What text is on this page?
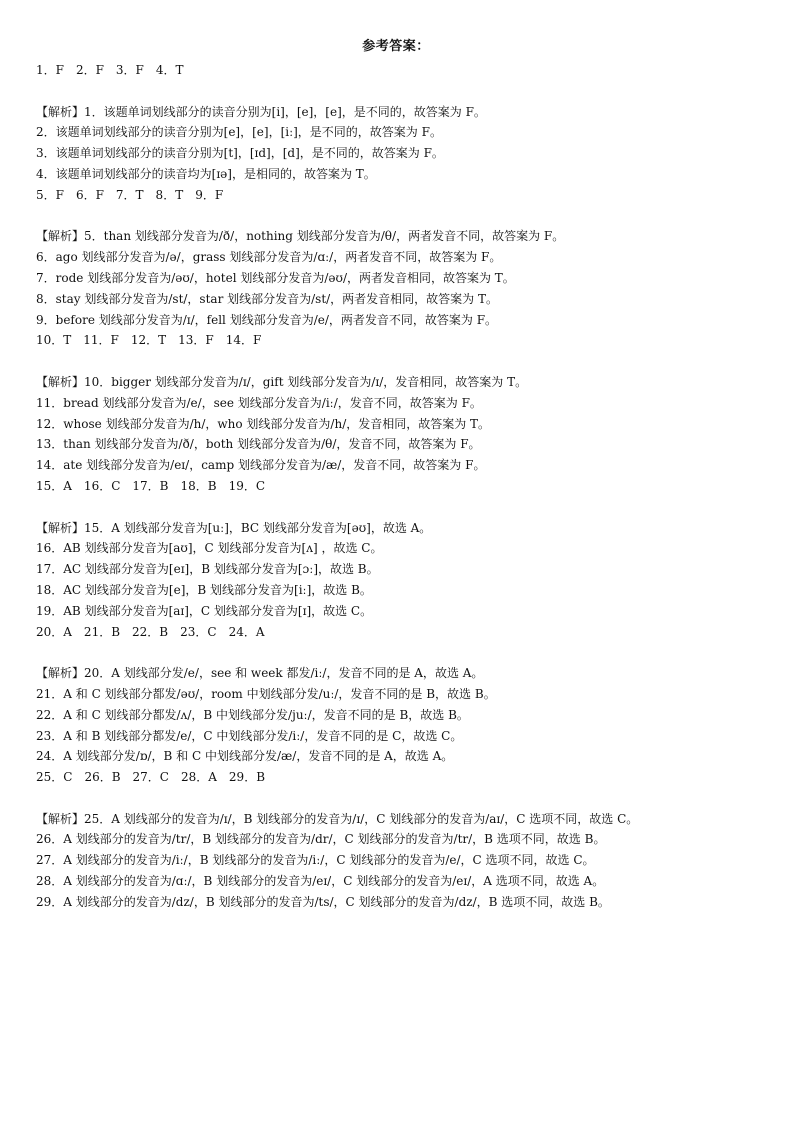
参考答案：
1．F　2．F　3．F　4．T
【解析】1．该题单词划线部分的读音分别为[i]，[e]，[e]，是不同的，故答案为 F。
2．该题单词划线部分的读音分别为[e]，[e]，[iː]，是不同的，故答案为 F。
3．该题单词划线部分的读音分别为[t]，[ɪd]，[d]，是不同的，故答案为 F。
4．该题单词划线部分的读音均为[ɪə]，是相同的，故答案为 T。
5．F　6．F　7．T　8．T　9．F
【解析】5．than 划线部分发音为/ð/，nothing 划线部分发音为/θ/，两者发音不同，故答案为 F。
6．ago 划线部分发音为/ə/，grass 划线部分发音为/ɑː/，两者发音不同，故答案为 F。
7．rode 划线部分发音为/əʊ/，hotel 划线部分发音为/əʊ/，两者发音相同，故答案为 T。
8．stay 划线部分发音为/st/，star 划线部分发音为/st/，两者发音相同，故答案为 T。
9．before 划线部分发音为/ɪ/，fell 划线部分发音为/e/，两者发音不同，故答案为 F。
10．T　11．F　12．T　13．F　14．F
【解析】10．bigger 划线部分发音为/ɪ/，gift 划线部分发音为/ɪ/，发音相同，故答案为 T。
11．bread 划线部分发音为/e/，see 划线部分发音为/iː/，发音不同，故答案为 F。
12．whose 划线部分发音为/h/，who 划线部分发音为/h/，发音相同，故答案为 T。
13．than 划线部分发音为/ð/，both 划线部分发音为/θ/，发音不同，故答案为 F。
14．ate 划线部分发音为/eɪ/，camp 划线部分发音为/æ/，发音不同，故答案为 F。
15．A　16．C　17．B　18．B　19．C
【解析】15．A 划线部分发音为[uː]，BC 划线部分发音为[əʊ]，故选 A。
16．AB 划线部分发音为[aʊ]，C 划线部分发音为[ʌ] ，故选 C。
17．AC 划线部分发音为[eɪ]，B 划线部分发音为[ɔː]，故选 B。
18．AC 划线部分发音为[e]，B 划线部分发音为[iː]，故选 B。
19．AB 划线部分发音为[aɪ]，C 划线部分发音为[ɪ]，故选 C。
20．A　21．B　22．B　23．C　24．A
【解析】20．A 划线部分发/e/，see 和 week 都发/iː/，发音不同的是 A，故选 A。
21．A 和 C 划线部分都发/əʊ/，room 中划线部分发/uː/，发音不同的是 B，故选 B。
22．A 和 C 划线部分都发/ʌ/，B 中划线部分发/juː/，发音不同的是 B，故选 B。
23．A 和 B 划线部分都发/e/，C 中划线部分发/iː/，发音不同的是 C，故选 C。
24．A 划线部分发/ɒ/，B 和 C 中划线部分发/æ/，发音不同的是 A，故选 A。
25．C　26．B　27．C　28．A　29．B
【解析】25．A 划线部分的发音为/ɪ/，B 划线部分的发音为/ɪ/，C 划线部分的发音为/aɪ/，C 选项不同，故选 C。
26．A 划线部分的发音为/tr/，B 划线部分的发音为/dr/，C 划线部分的发音为/tr/，B 选项不同，故选 B。
27．A 划线部分的发音为/iː/，B 划线部分的发音为/iː/，C 划线部分的发音为/e/，C 选项不同，故选 C。
28．A 划线部分的发音为/ɑː/，B 划线部分的发音为/eɪ/，C 划线部分的发音为/eɪ/，A 选项不同，故选 A。
29．A 划线部分的发音为/dz/，B 划线部分的发音为/ts/，C 划线部分的发音为/dz/，B 选项不同，故选 B。
